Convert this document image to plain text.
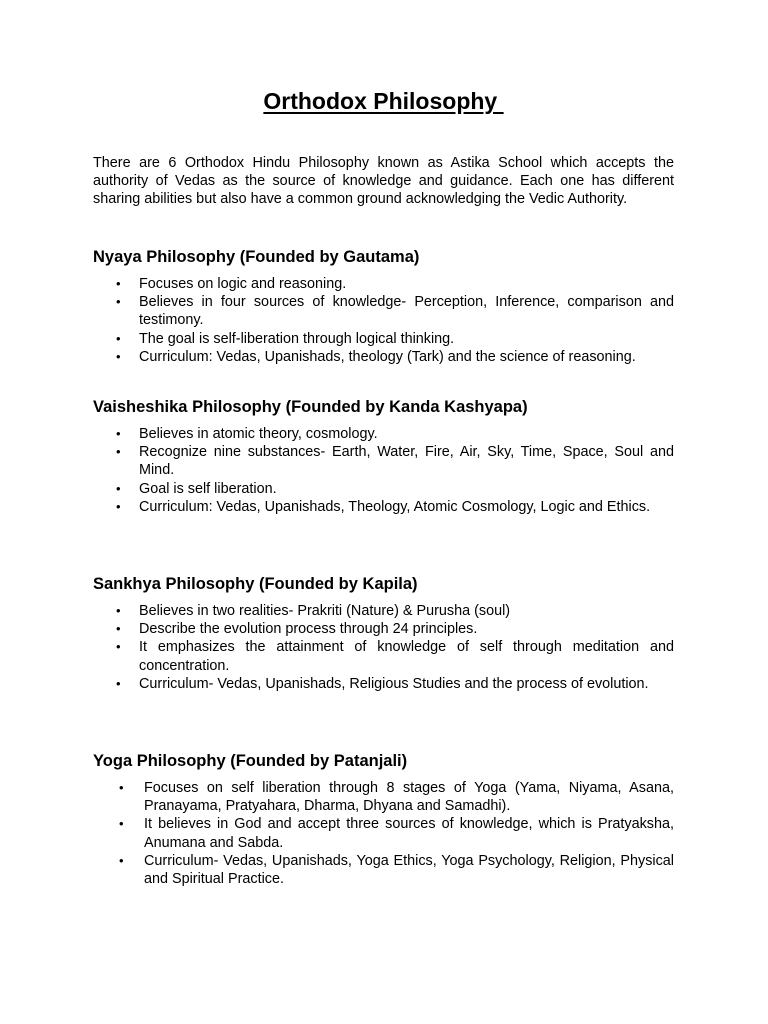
Orthodox Philosophy

There are 6 Orthodox Hindu Philosophy known as Astika School which accepts the authority of Vedas as the source of knowledge and guidance. Each one has different sharing abilities but also have a common ground acknowledging the Vedic Authority.

Nyaya Philosophy (Founded by Gautama)
• Focuses on logic and reasoning.
• Believes in four sources of knowledge- Perception, Inference, comparison and testimony.
• The goal is self-liberation through logical thinking.
• Curriculum: Vedas, Upanishads, theology (Tark) and the science of reasoning.
Vaisheshika Philosophy (Founded by Kanda Kashyapa)
• Believes in atomic theory, cosmology.
• Recognize nine substances- Earth, Water, Fire, Air, Sky, Time, Space, Soul and Mind.
• Goal is self liberation.
• Curriculum: Vedas, Upanishads, Theology, Atomic Cosmology, Logic and Ethics.
Sankhya Philosophy (Founded by Kapila)
• Believes in two realities- Prakriti (Nature) & Purusha (soul)
• Describe the evolution process through 24 principles.
• It emphasizes the attainment of knowledge of self through meditation and concentration.
• Curriculum- Vedas, Upanishads, Religious Studies and the process of evolution.
Yoga Philosophy (Founded by Patanjali)
• Focuses on self liberation through 8 stages of Yoga (Yama, Niyama, Asana, Pranayama, Pratyahara, Dharma, Dhyana and Samadhi).
• It believes in God and accept three sources of knowledge, which is Pratyaksha, Anumana and Sabda.
• Curriculum- Vedas, Upanishads, Yoga Ethics, Yoga Psychology, Religion, Physical and Spiritual Practice.
